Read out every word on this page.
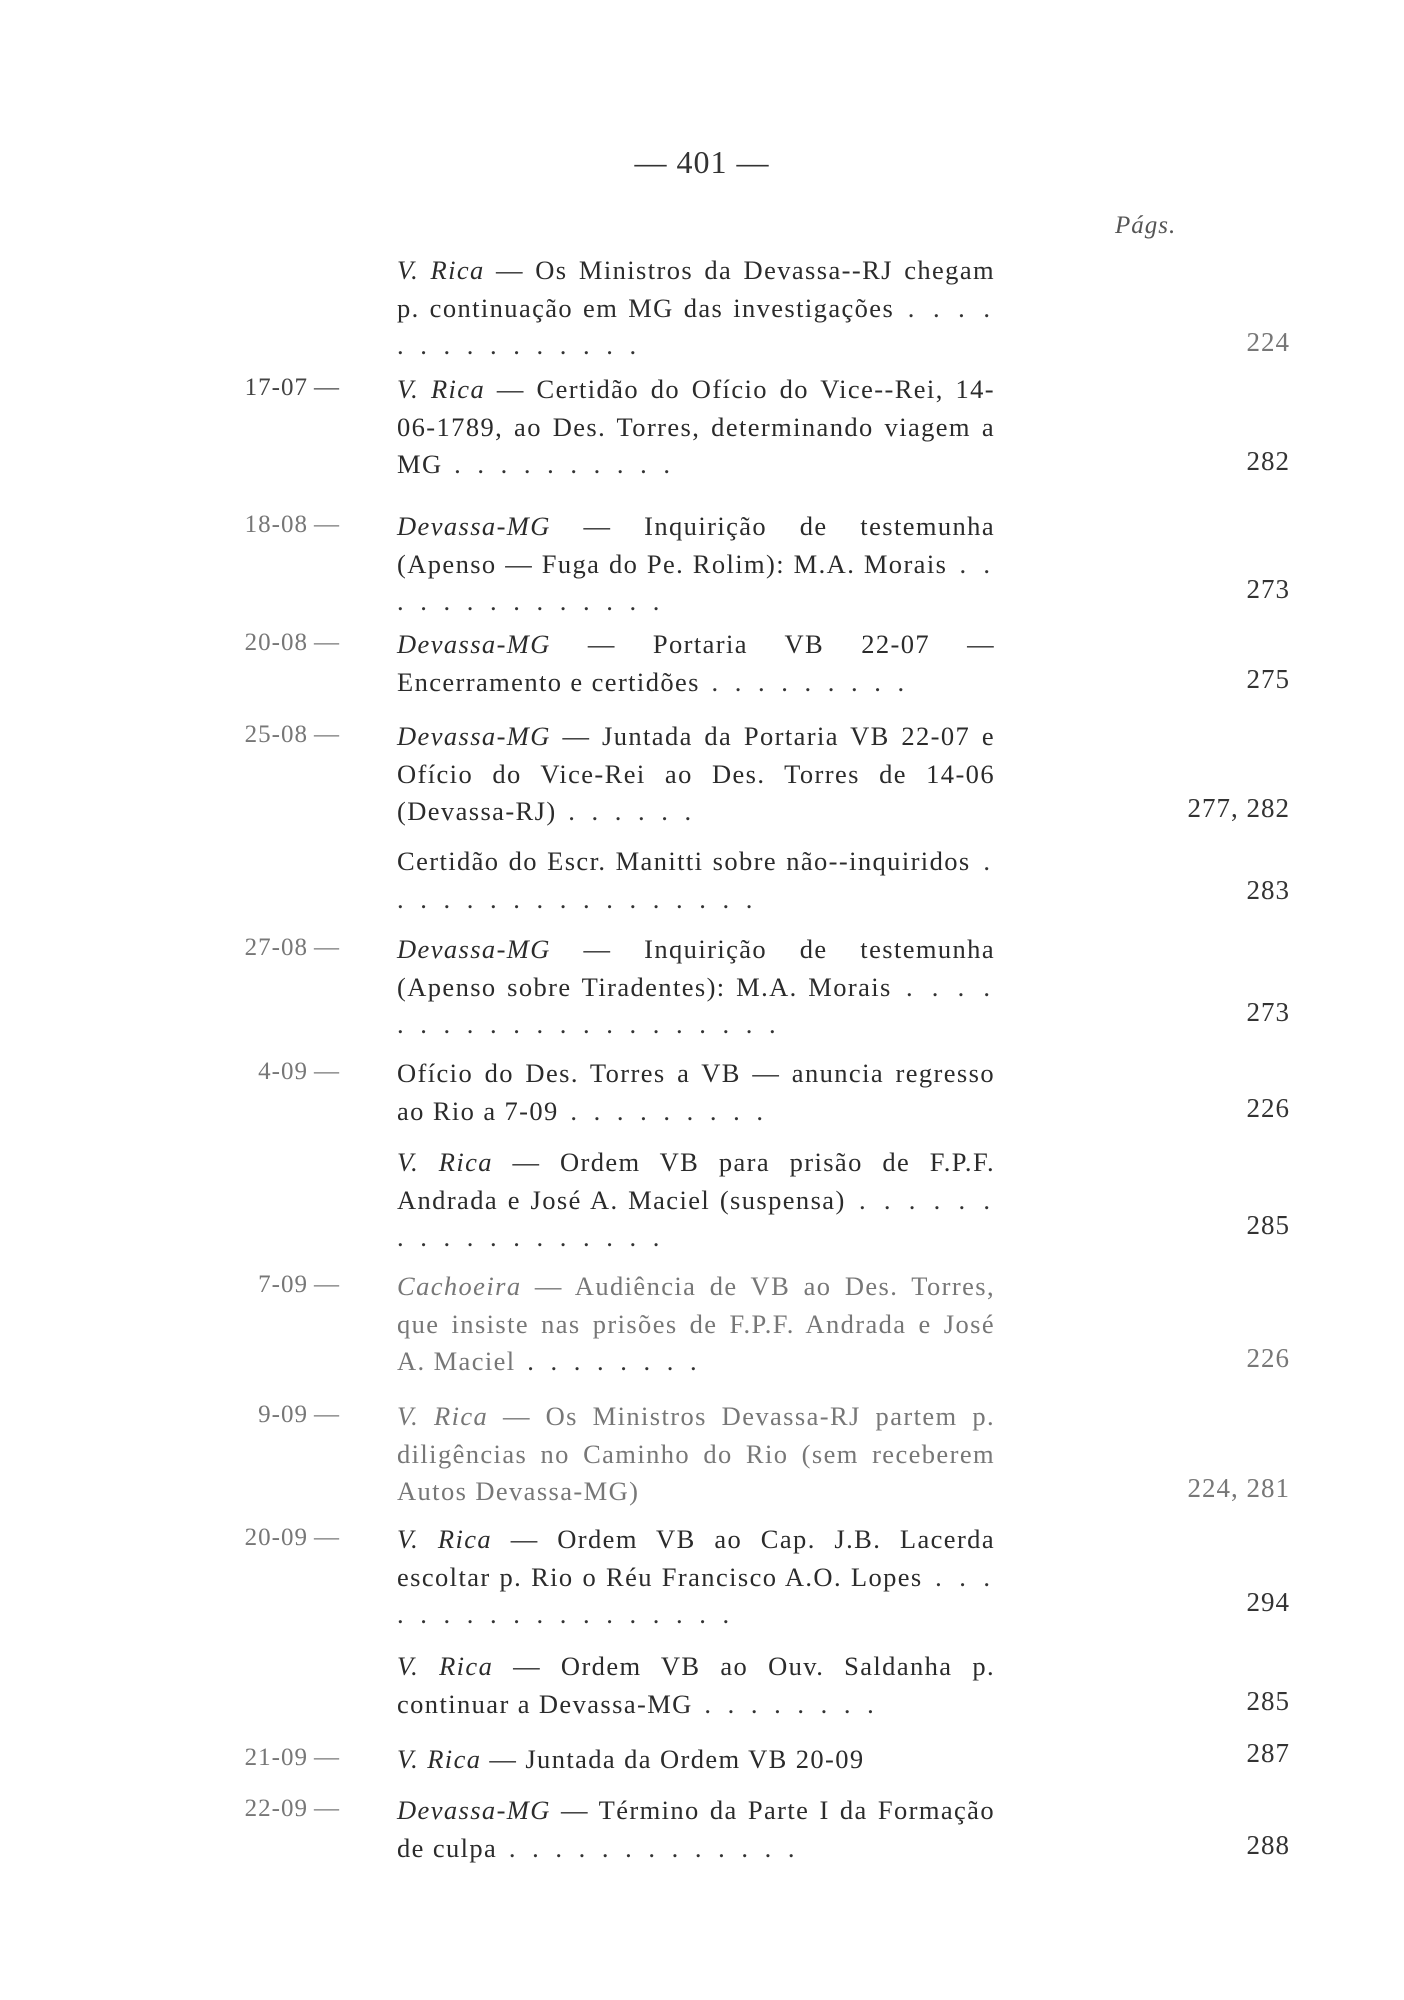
— 401 —
Págs.
V. Rica — Os Ministros da Devassa--RJ chegam p. continuação em MG das investigações . . . . . . . . . . . . . . .	224
17-07 — V. Rica — Certidão do Ofício do Vice--Rei, 14-06-1789, ao Des. Torres, determinando viagem a MG . . . . . . . . . .	282
18-08 — Devassa-MG — Inquirição de testemunha (Apenso — Fuga do Pe. Rolim): M.A. Morais . . . . . . . . . . . . . .	273
20-08 — Devassa-MG — Portaria VB 22-07 — Encerramento e certidões . . . . . . . . .	275
25-08 — Devassa-MG — Juntada da Portaria VB 22-07 e Ofício do Vice-Rei ao Des. Torres de 14-06 (Devassa-RJ) . . . . . .	277, 282
Certidão do Escr. Manitti sobre não--inquiridos . . . . . . . . . . . . . . . . .	283
27-08 — Devassa-MG — Inquirição de testemunha (Apenso sobre Tiradentes): M.A. Morais . . . . . . . . . . . . . . . . . . . . .	273
4-09 — Ofício do Des. Torres a VB — anuncia regresso ao Rio a 7-09 . . . . . . . . .	226
V. Rica — Ordem VB para prisão de F.P.F. Andrada e José A. Maciel (suspensa) . . . . . . . . . . . . . . . . . .	285
7-09 — Cachoeira — Audiência de VB ao Des. Torres, que insiste nas prisões de F.P.F. Andrada e José A. Maciel . . . . . . . .	226
9-09 — V. Rica — Os Ministros Devassa-RJ partem p. diligências no Caminho do Rio (sem receberem Autos Devassa-MG)	224, 281
20-09 — V. Rica — Ordem VB ao Cap. J.B. Lacerda escoltar p. Rio o Réu Francisco A.O. Lopes . . . . . . . . . . . . . . . . . .	294
V. Rica — Ordem VB ao Ouv. Saldanha p. continuar a Devassa-MG . . . . . . . .	285
21-09 — V. Rica — Juntada da Ordem VB 20-09	287
22-09 — Devassa-MG — Término da Parte I da Formação de culpa . . . . . . . . . . . . .	288
